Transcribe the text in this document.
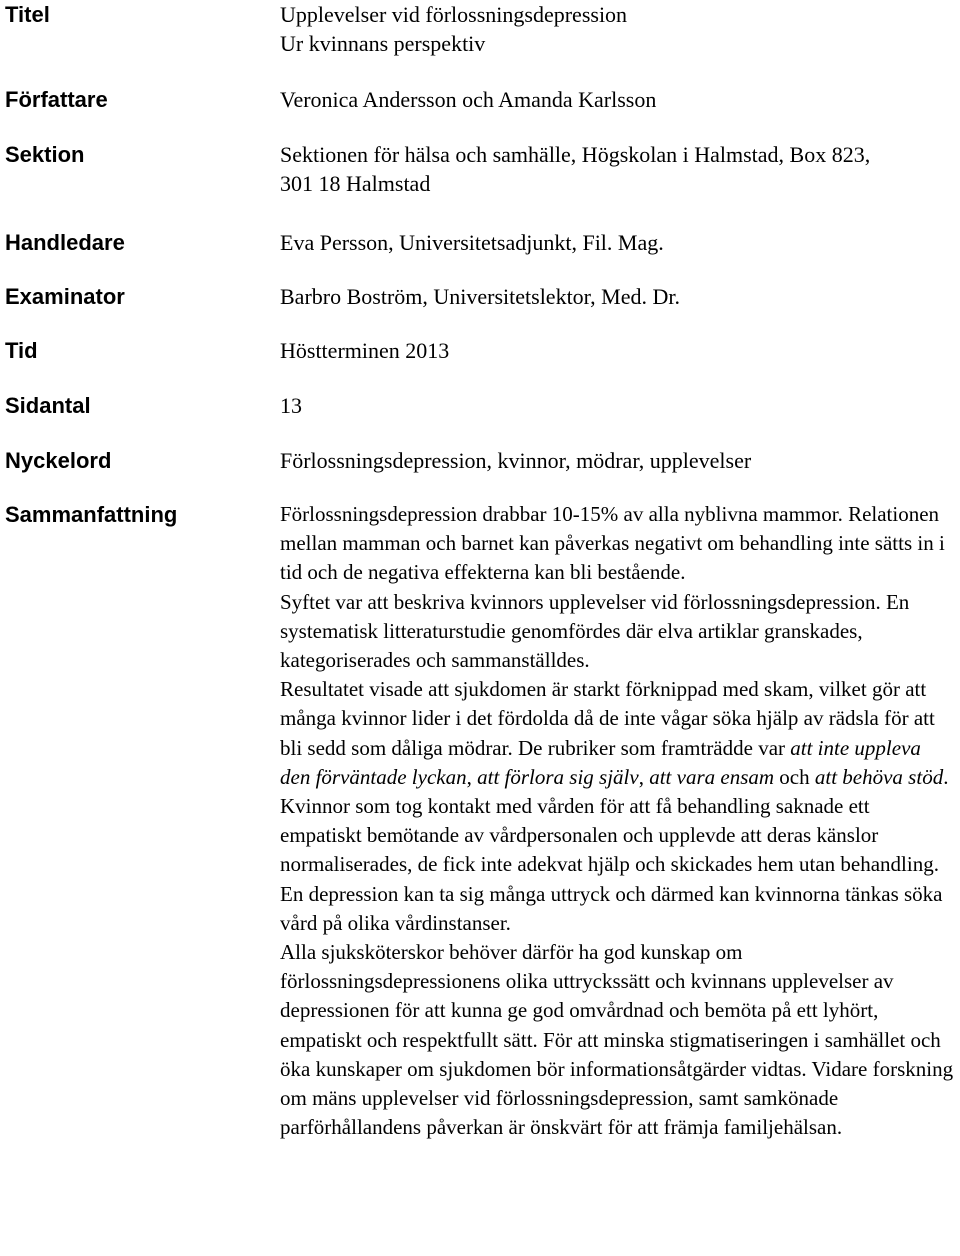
Titel	Upplevelser vid förlossningsdepression
Ur kvinnans perspektiv
Författare	Veronica Andersson och Amanda Karlsson
Sektion	Sektionen för hälsa och samhälle, Högskolan i Halmstad, Box 823,
301 18 Halmstad
Handledare	Eva Persson, Universitetsadjunkt, Fil. Mag.
Examinator	Barbro Boström, Universitetslektor, Med. Dr.
Tid	Höstterminen 2013
Sidantal	13
Nyckelord	Förlossningsdepression, kvinnor, mödrar, upplevelser
Sammanfattning	Förlossningsdepression drabbar 10-15% av alla nyblivna mammor. Relationen mellan mamman och barnet kan påverkas negativt om behandling inte sätts in i tid och de negativa effekterna kan bli bestående.

Syftet var att beskriva kvinnors upplevelser vid förlossningsdepression. En systematisk litteraturstudie genomfördes där elva artiklar granskades, kategoriserades och sammanställdes.

Resultatet visade att sjukdomen är starkt förknippad med skam, vilket gör att många kvinnor lider i det fördolda då de inte vågar söka hjälp av rädsla för att bli sedd som dåliga mödrar. De rubriker som framträdde var att inte uppleva den förväntade lyckan, att förlora sig själv, att vara ensam och att behöva stöd.

Kvinnor som tog kontakt med vården för att få behandling saknade ett empatiskt bemötande av vårdpersonalen och upplevde att deras känslor normaliserades, de fick inte adekvat hjälp och skickades hem utan behandling. En depression kan ta sig många uttryck och därmed kan kvinnorna tänkas söka vård på olika vårdinstanser.

Alla sjuksköterskor behöver därför ha god kunskap om förlossningsdepressionens olika uttryckssätt och kvinnans upplevelser av depressionen för att kunna ge god omvårdnad och bemöta på ett lyhört, empatiskt och respektfullt sätt. För att minska stigmatiseringen i samhället och öka kunskaper om sjukdomen bör informationsåtgärder vidtas. Vidare forskning om mäns upplevelser vid förlossningsdepression, samt samkönade parförhållandens påverkan är önskvärt för att främja familjehälsan.
